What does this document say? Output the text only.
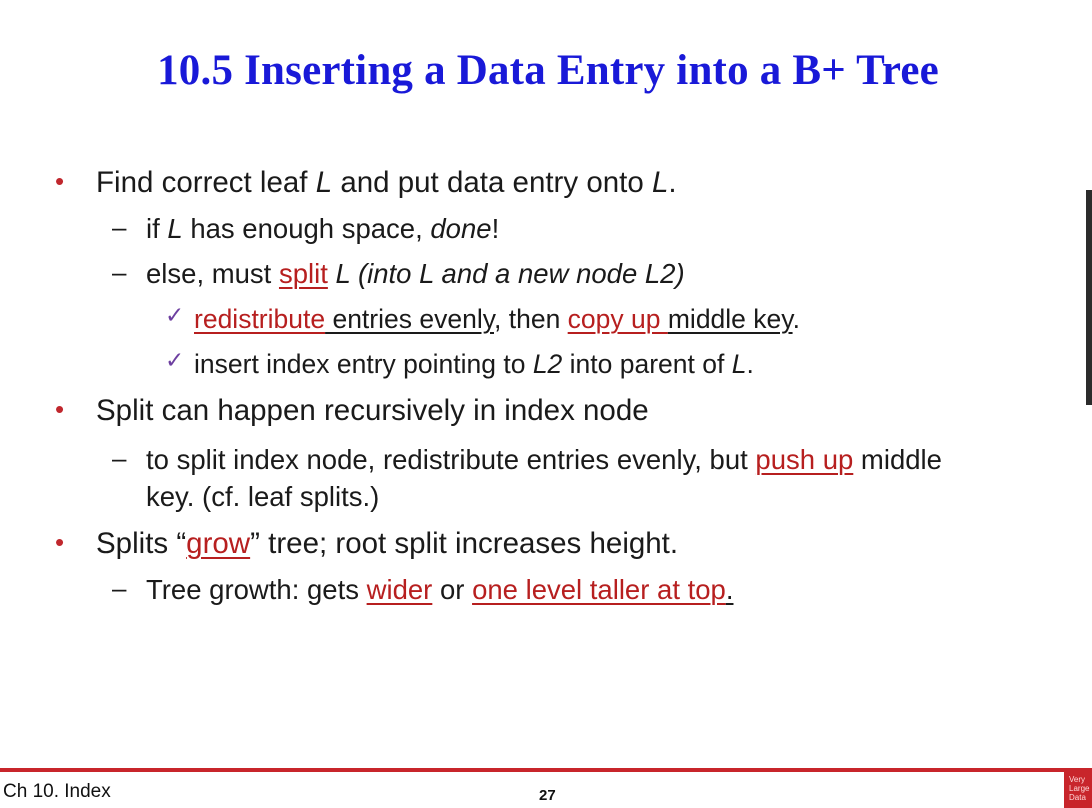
10.5 Inserting a Data Entry into a B+ Tree
• Find correct leaf L and put data entry onto L.
– if L has enough space, done!
– else, must split L (into L and a new node L2)
✓ redistribute entries evenly, then copy up middle key.
✓ insert index entry pointing to L2 into parent of L.
• Split can happen recursively in index node
– to split index node, redistribute entries evenly, but push up middle
key. (cf. leaf splits.)
• Splits “grow” tree; root split increases height.
– Tree growth: gets wider or one level taller at top.
Ch 10. Index	27
Very
Large
Data
